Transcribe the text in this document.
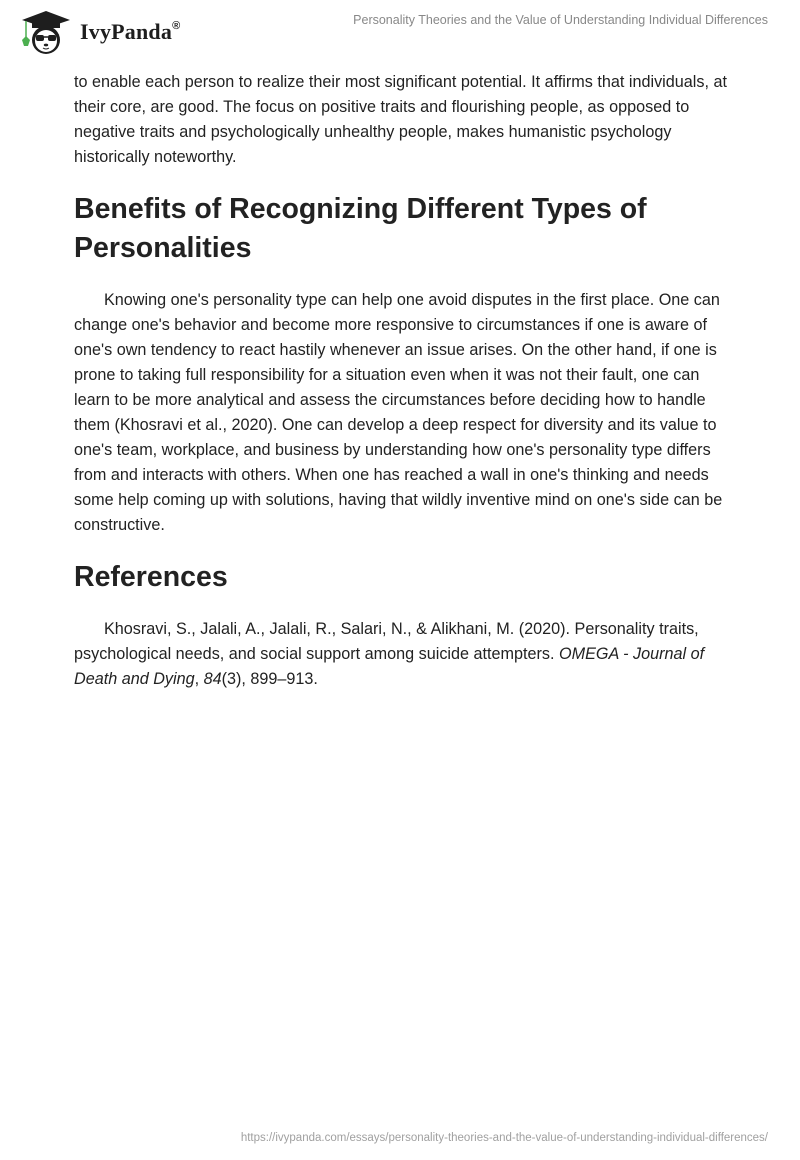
IvyPanda®	Personality Theories and the Value of Understanding Individual Differences

to enable each person to realize their most significant potential. It affirms that individuals, at their core, are good. The focus on positive traits and flourishing people, as opposed to negative traits and psychologically unhealthy people, makes humanistic psychology historically noteworthy.

Benefits of Recognizing Different Types of Personalities

Knowing one's personality type can help one avoid disputes in the first place. One can change one's behavior and become more responsive to circumstances if one is aware of one's own tendency to react hastily whenever an issue arises. On the other hand, if one is prone to taking full responsibility for a situation even when it was not their fault, one can learn to be more analytical and assess the circumstances before deciding how to handle them (Khosravi et al., 2020). One can develop a deep respect for diversity and its value to one's team, workplace, and business by understanding how one's personality type differs from and interacts with others. When one has reached a wall in one's thinking and needs some help coming up with solutions, having that wildly inventive mind on one's side can be constructive.

References

Khosravi, S., Jalali, A., Jalali, R., Salari, N., & Alikhani, M. (2020). Personality traits, psychological needs, and social support among suicide attempters. OMEGA - Journal of Death and Dying, 84(3), 899–913.

https://ivypanda.com/essays/personality-theories-and-the-value-of-understanding-individual-differences/
